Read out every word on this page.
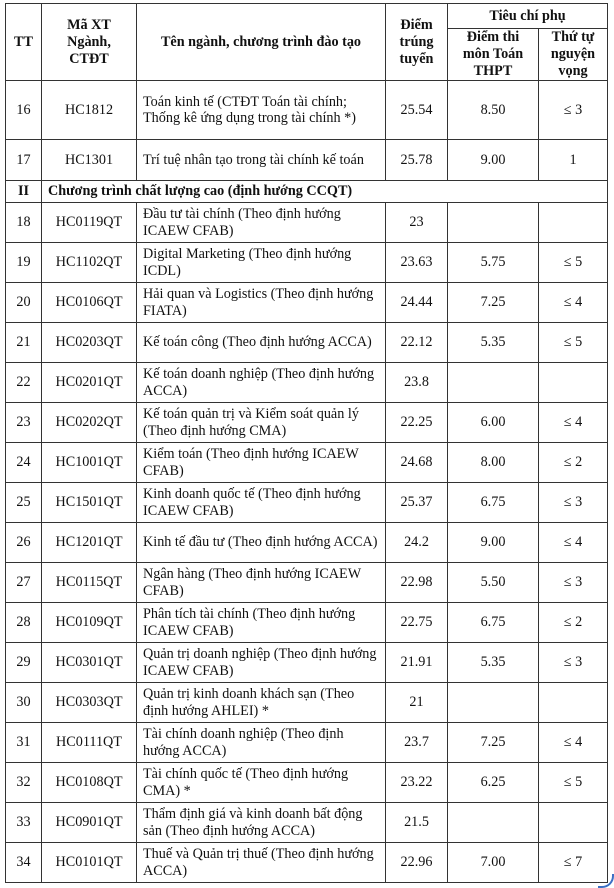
TT	Mã XT Ngành, CTĐT	Tên ngành, chương trình đào tạo	Điểm trúng tuyển	Tiêu chí phụ	
				Điểm thi môn Toán THPT	Thứ tự nguyện vọng
16	HC1812	Toán kinh tế (CTĐT Toán tài chính; Thống kê ứng dụng trong tài chính *)	25.54	8.50	≤ 3
17	HC1301	Trí tuệ nhân tạo trong tài chính kế toán	25.78	9.00	1
II	Chương trình chất lượng cao (định hướng CCQT)				
18	HC0119QT	Đầu tư tài chính (Theo định hướng ICAEW CFAB)	23		
19	HC1102QT	Digital Marketing (Theo định hướng ICDL)	23.63	5.75	≤ 5
20	HC0106QT	Hải quan và Logistics (Theo định hướng FIATA)	24.44	7.25	≤ 4
21	HC0203QT	Kế toán công (Theo định hướng ACCA)	22.12	5.35	≤ 5
22	HC0201QT	Kế toán doanh nghiệp (Theo định hướng ACCA)	23.8		
23	HC0202QT	Kế toán quản trị và Kiểm soát quản lý (Theo định hướng CMA)	22.25	6.00	≤ 4
24	HC1001QT	Kiểm toán (Theo định hướng ICAEW CFAB)	24.68	8.00	≤ 2
25	HC1501QT	Kinh doanh quốc tế (Theo định hướng ICAEW CFAB)	25.37	6.75	≤ 3
26	HC1201QT	Kinh tế đầu tư (Theo định hướng ACCA)	24.2	9.00	≤ 4
27	HC0115QT	Ngân hàng (Theo định hướng ICAEW CFAB)	22.98	5.50	≤ 3
28	HC0109QT	Phân tích tài chính (Theo định hướng ICAEW CFAB)	22.75	6.75	≤ 2
29	HC0301QT	Quản trị doanh nghiệp (Theo định hướng ICAEW CFAB)	21.91	5.35	≤ 3
30	HC0303QT	Quản trị kinh doanh khách sạn (Theo định hướng AHLEI) *	21		
31	HC0111QT	Tài chính doanh nghiệp (Theo định hướng ACCA)	23.7	7.25	≤ 4
32	HC0108QT	Tài chính quốc tế (Theo định hướng CMA) *	23.22	6.25	≤ 5
33	HC0901QT	Thẩm định giá và kinh doanh bất động sản (Theo định hướng ACCA)	21.5		
34	HC0101QT	Thuế và Quản trị thuế (Theo định hướng ACCA)	22.96	7.00	≤ 7
